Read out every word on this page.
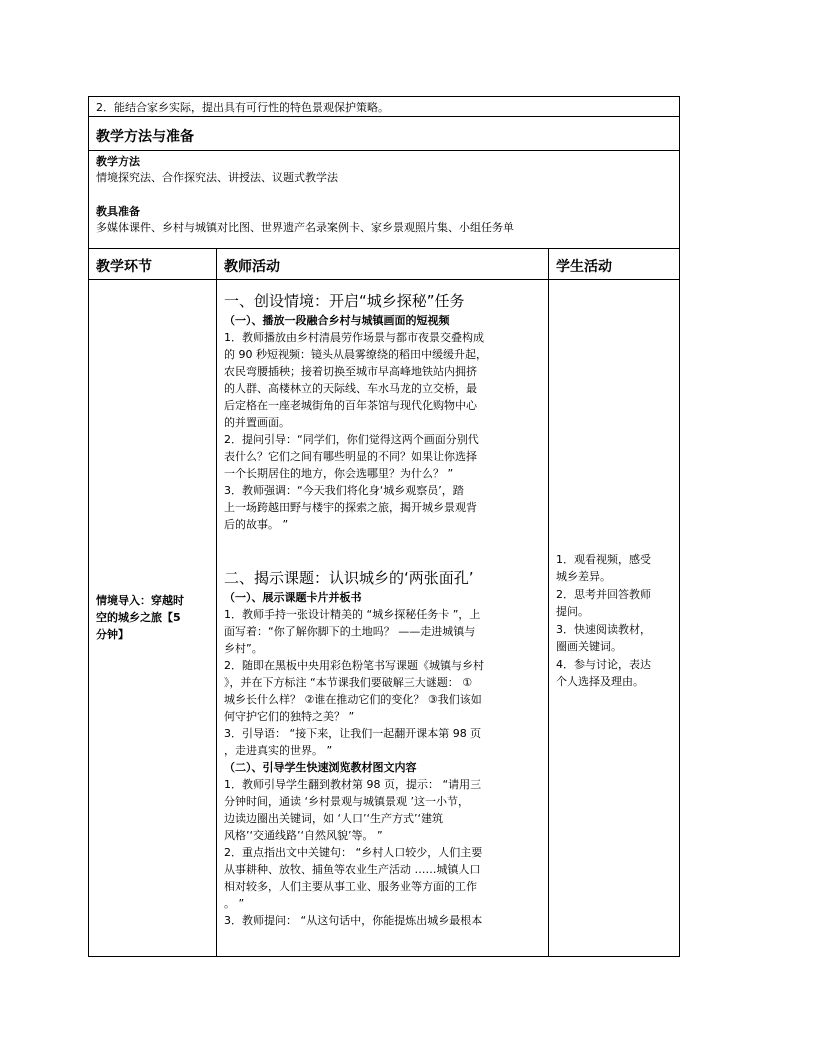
2．能结合家乡实际，提出具有可行性的特色景观保护策略。
教学方法与准备
教学方法
情境探究法、合作探究法、讲授法、议题式教学法
教具准备
多媒体课件、乡村与城镇对比图、世界遗产名录案例卡、家乡景观照片集、小组任务单
教学环节	教师活动	学生活动
情境导入：穿越时
空的城乡之旅【5
分钟】
一、创设情境：开启“城乡探秘”任务
（一）、播放一段融合乡村与城镇画面的短视频

1．教师播放由乡村清晨劳作场景与都市夜景交叠构成

的 90 秒短视频：镜头从晨雾缭绕的稻田中缓缓升起，

农民弯腰插秧；接着切换至城市早高峰地铁站内拥挤

的人群、高楼林立的天际线、车水马龙的立交桥，最

后定格在一座老城街角的百年茶馆与现代化购物中心

的并置画面。

2．提问引导：“同学们，你们觉得这两个画面分别代

表什么？它们之间有哪些明显的不同？如果让你选择

一个长期居住的地方，你会选哪里？为什么？ ”

3．教师强调：“今天我们将化身‘城乡观察员’，踏

上一场跨越田野与楼宇的探索之旅，揭开城乡景观背

后的故事。 ”

二、揭示课题：认识城乡的‘两张面孔’
（一）、展示课题卡片并板书

1．教师手持一张设计精美的 “城乡探秘任务卡 ”，上

面写着：“你了解你脚下的土地吗？ ——走进城镇与

乡村”。

2．随即在黑板中央用彩色粉笔书写课题《城镇与乡村

》，并在下方标注 “本节课我们要破解三大谜题： ①

城乡长什么样？ ②谁在推动它们的变化？ ③我们该如

何守护它们的独特之美？ ”

3．引导语： “接下来，让我们一起翻开课本第 98 页

，走进真实的世界。 ”

（二）、引导学生快速浏览教材图文内容

1．教师引导学生翻到教材第 98 页，提示： “请用三

分钟时间，通读 ‘乡村景观与城镇景观 ’这一小节，

边读边圈出关键词，如 ‘人口’‘生产方式’‘建筑

风格’‘交通线路’‘自然风貌’等。 ”

2．重点指出文中关键句： “乡村人口较少，人们主要

从事耕种、放牧、捕鱼等农业生产活动 ……城镇人口

相对较多，人们主要从事工业、服务业等方面的工作

。 ”

3．教师提问： “从这句话中，你能提炼出城乡最根本

1．观看视频，感受

城乡差异。

2．思考并回答教师

提问。

3．快速阅读教材，

圈画关键词。

4．参与讨论，表达

个人选择及理由。
